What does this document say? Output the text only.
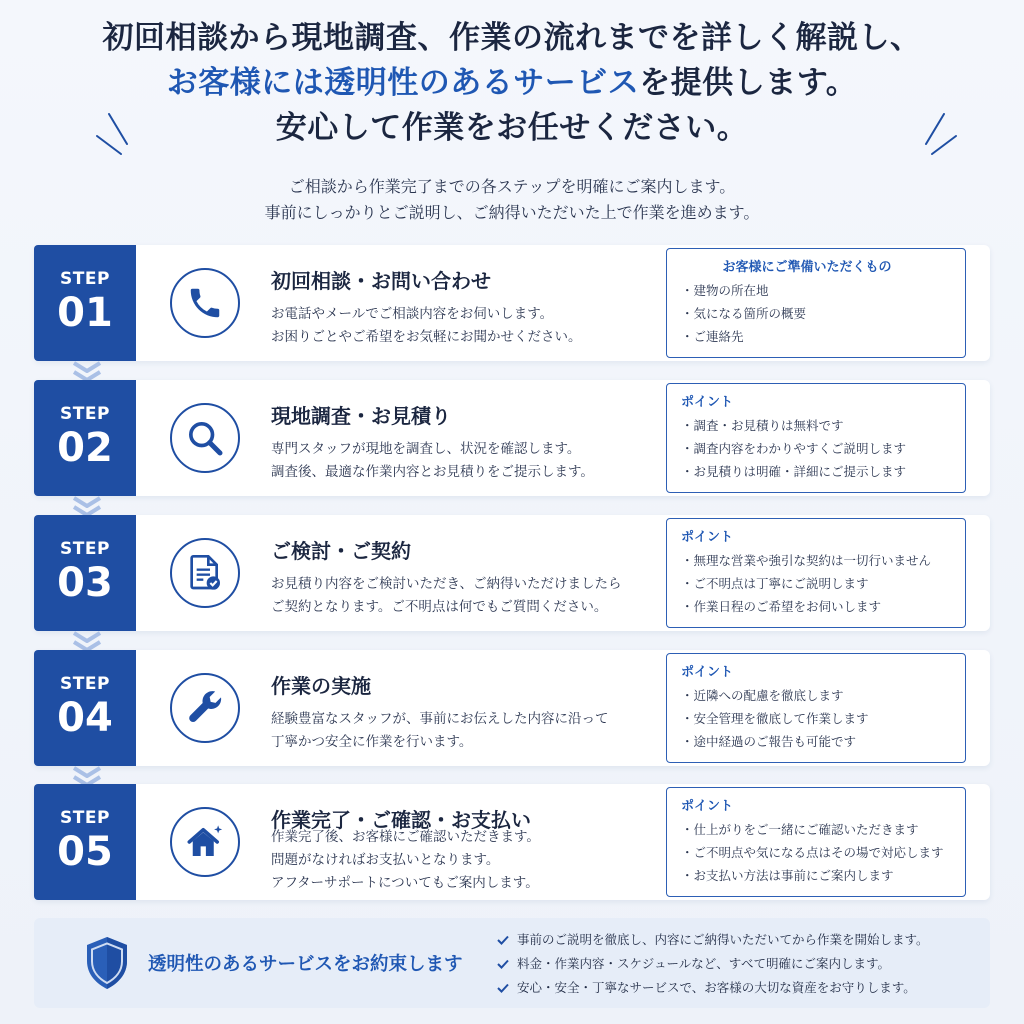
初回相談から現地調査、作業の流れまでを詳しく解説し、
お客様には透明性のあるサービスを提供します。
安心して作業をお任せください。
ご相談から作業完了までの各ステップを明確にご案内します。
事前にしっかりとご説明し、ご納得いただいた上で作業を進めます。
STEP
01
初回相談・お問い合わせ
お電話やメールでご相談内容をお伺いします。
お困りごとやご希望をお気軽にお聞かせください。
お客様にご準備いただくもの
・ 建物の所在地
・ 気になる箇所の概要
・ ご連絡先
STEP
02
現地調査・お見積り
専門スタッフが現地を調査し、状況を確認します。
調査後、最適な作業内容とお見積りをご提示します。
ポイント
・ 調査・お見積りは無料です
・ 調査内容をわかりやすくご説明します
・ お見積りは明確・詳細にご提示します
STEP
03
ご検討・ご契約
お見積り内容をご検討いただき、ご納得いただけましたら
ご契約となります。ご不明点は何でもご質問ください。
ポイント
・ 無理な営業や強引な契約は一切行いません
・ ご不明点は丁寧にご説明します
・ 作業日程のご希望をお伺いします
STEP
04
作業の実施
経験豊富なスタッフが、事前にお伝えした内容に沿って
丁寧かつ安全に作業を行います。
ポイント
・ 近隣への配慮を徹底します
・ 安全管理を徹底して作業します
・ 途中経過のご報告も可能です
STEP
05
作業完了・ご確認・お支払い
作業完了後、お客様にご確認いただきます。
問題がなければお支払いとなります。
アフターサポートについてもご案内します。
ポイント
・ 仕上がりをご一緒にご確認いただきます
・ ご不明点や気になる点はその場で対応します
・ お支払い方法は事前にご案内します
透明性のあるサービスをお約束します
事前のご説明を徹底し、内容にご納得いただいてから作業を開始します。
料金・作業内容・スケジュールなど、すべて明確にご案内します。
安心・安全・丁寧なサービスで、お客様の大切な資産をお守りします。
